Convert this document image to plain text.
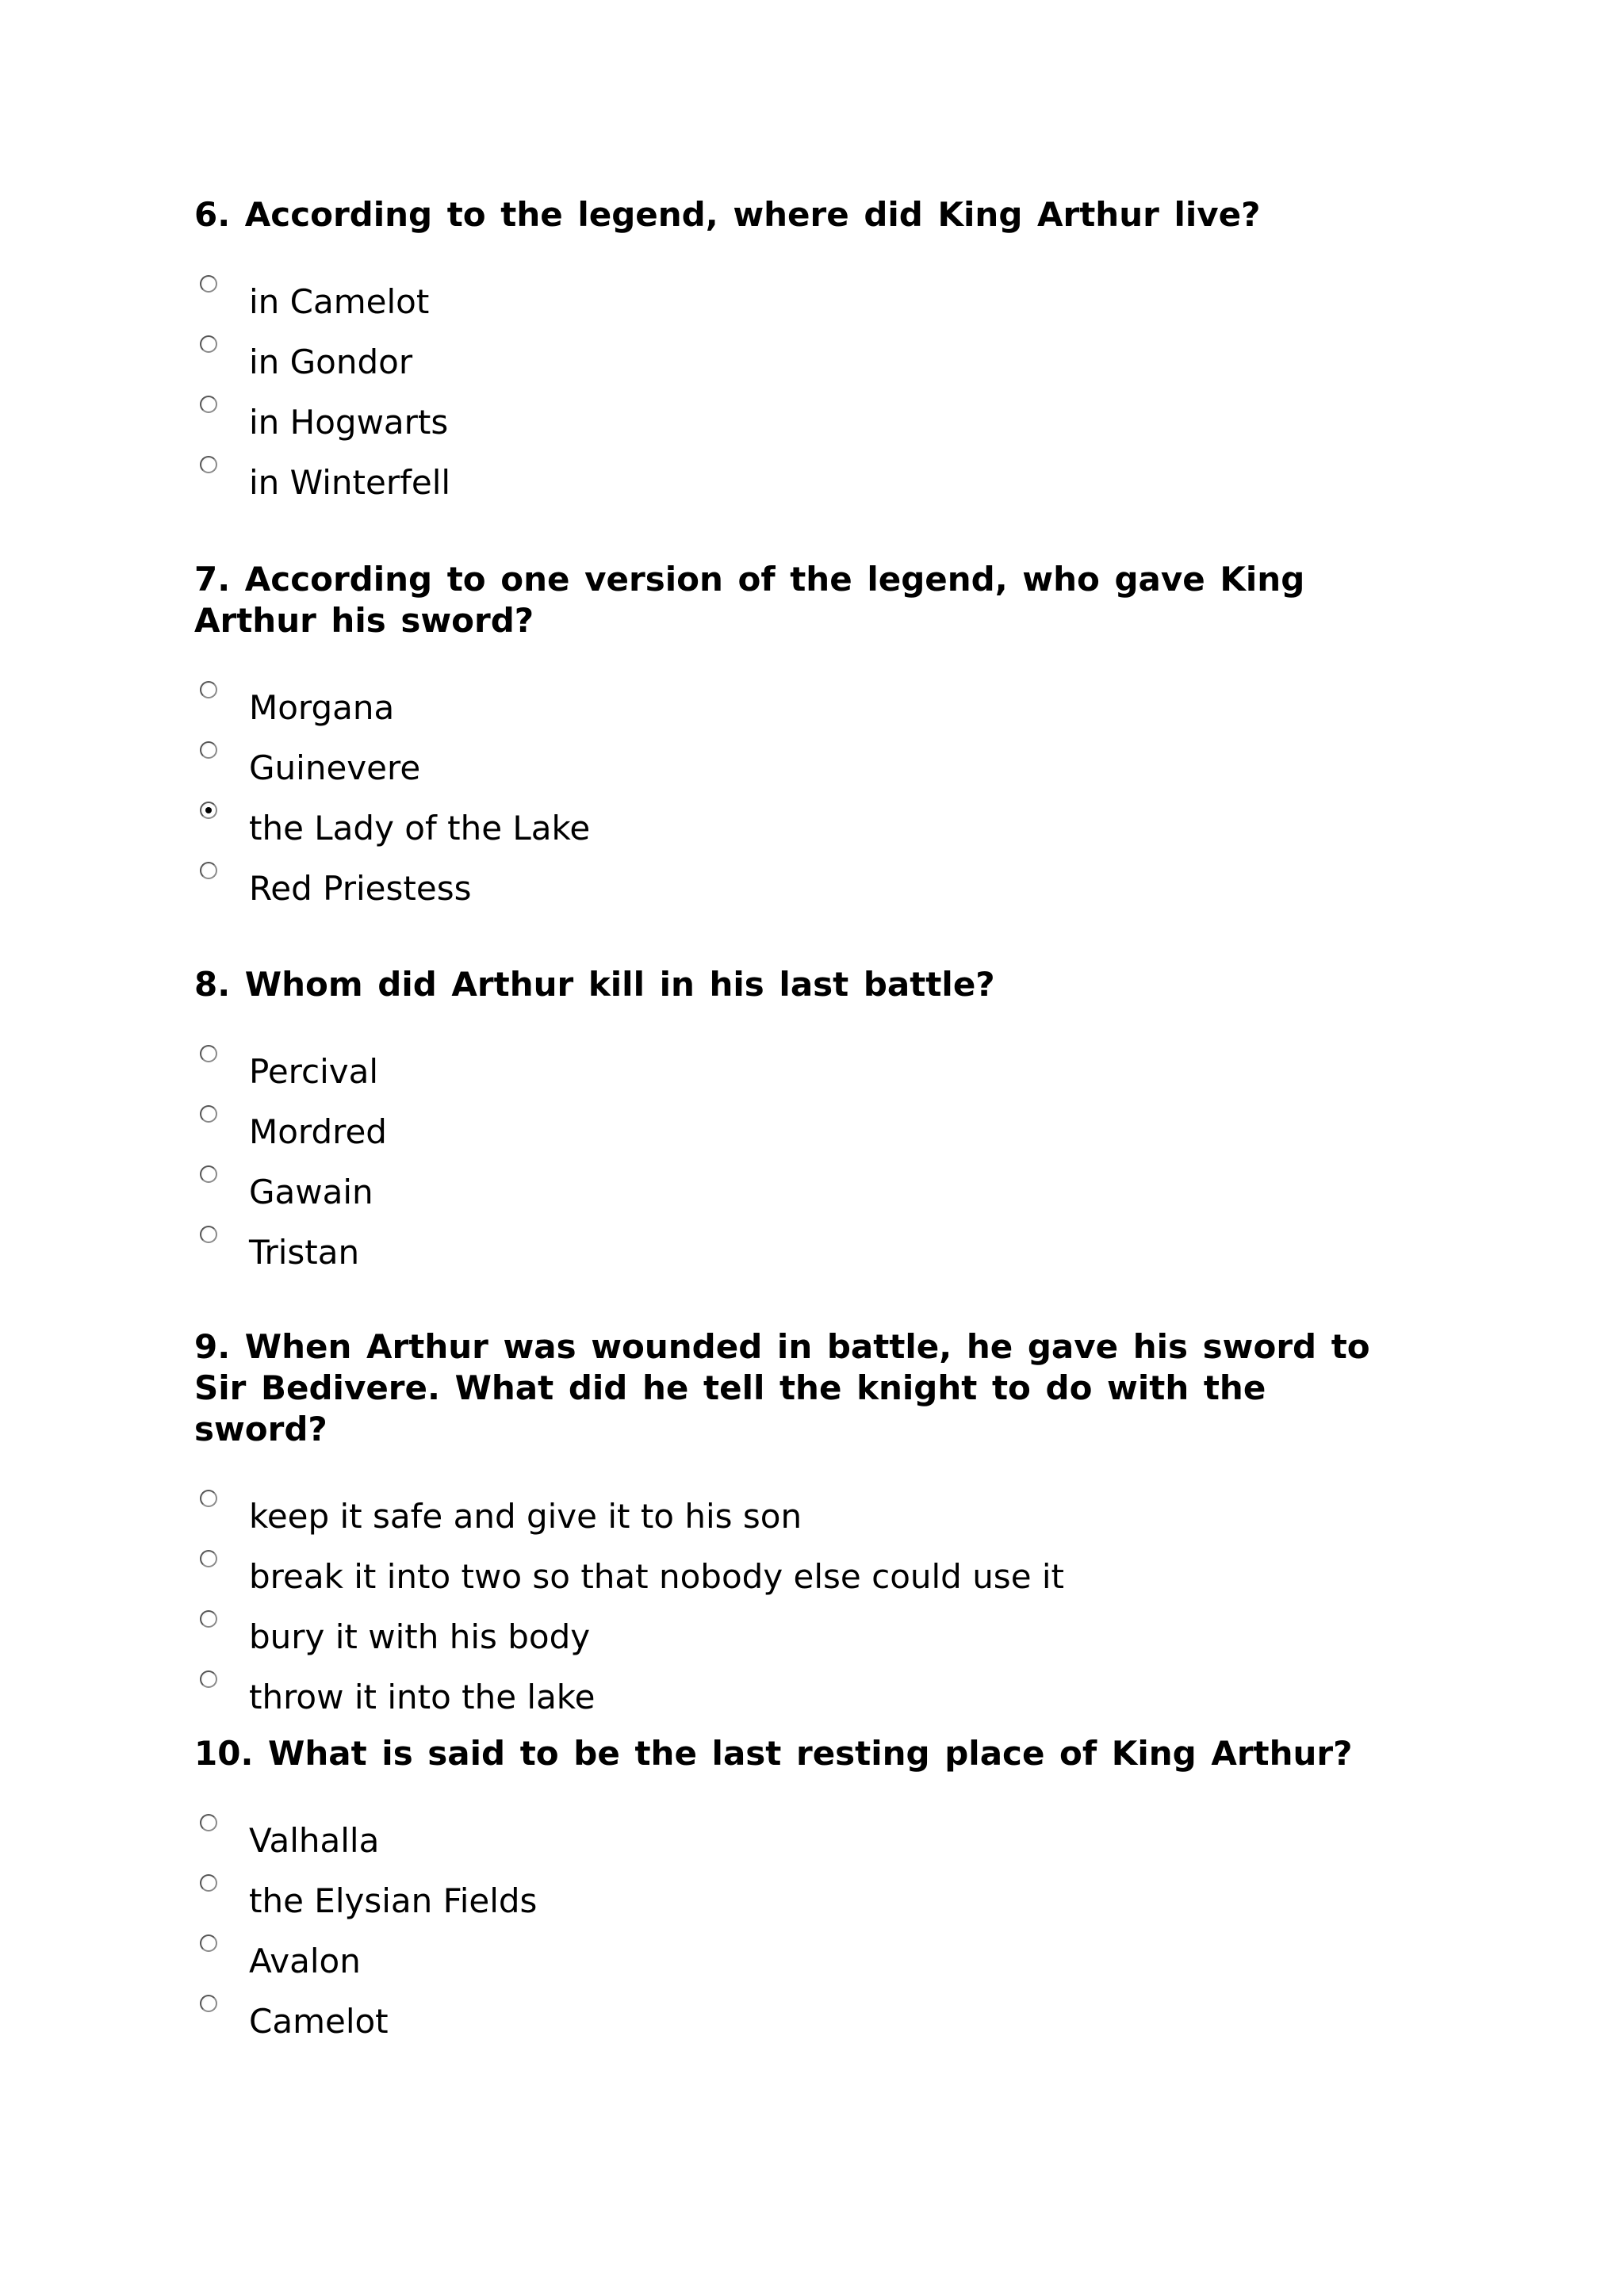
6. According to the legend, where did King Arthur live?

in Camelot
in Gondor
in Hogwarts
in Winterfell

7. According to one version of the legend, who gave King Arthur his sword?

Morgana
Guinevere
the Lady of the Lake
Red Priestess

8. Whom did Arthur kill in his last battle?

Percival
Mordred
Gawain
Tristan

9. When Arthur was wounded in battle, he gave his sword to Sir Bedivere. What did he tell the knight to do with the sword?

keep it safe and give it to his son
break it into two so that nobody else could use it
bury it with his body
throw it into the lake

10. What is said to be the last resting place of King Arthur?

Valhalla
the Elysian Fields
Avalon
Camelot
